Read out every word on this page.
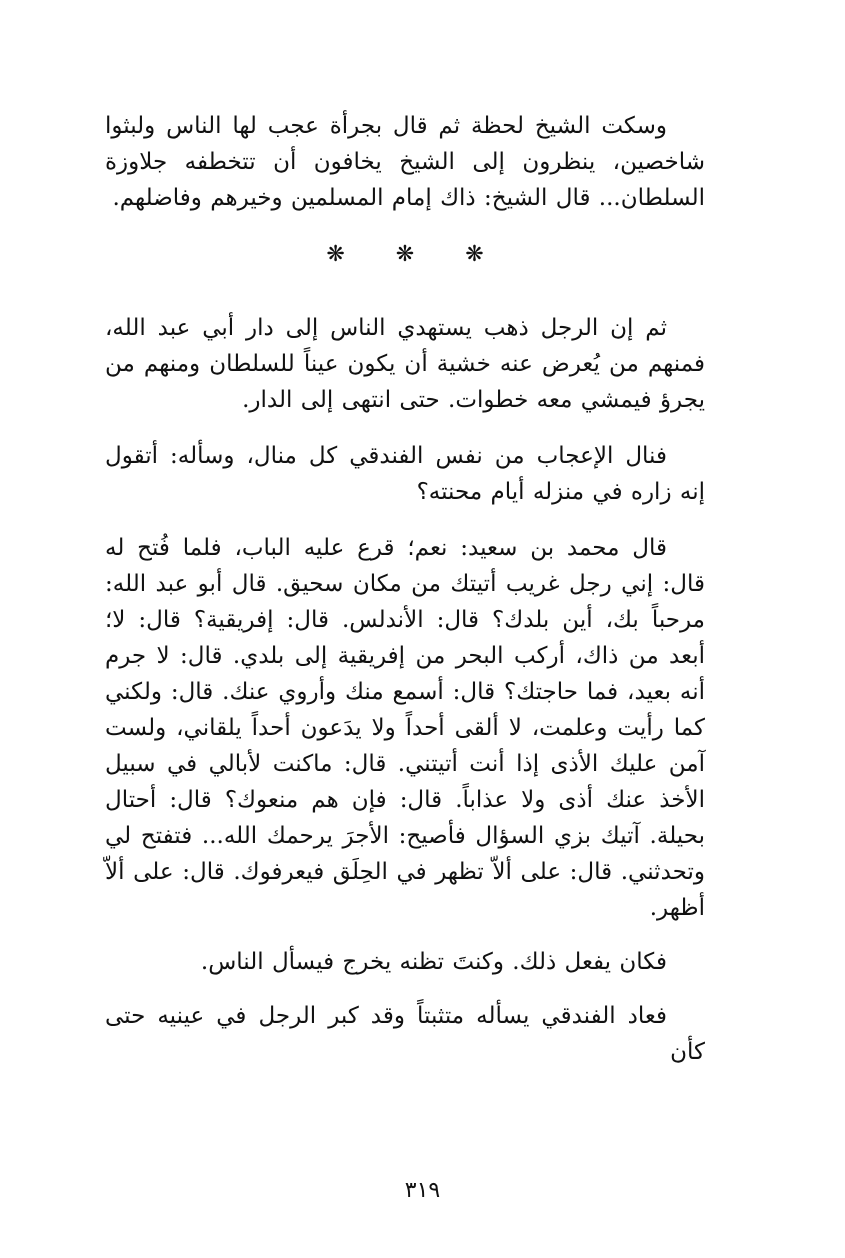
وسكت الشيخ لحظة ثم قال بجرأة عجب لها الناس ولبثوا شاخصين، ينظرون إلى الشيخ يخافون أن تتخطفه جلاوزة السلطان... قال الشيخ: ذاك إمام المسلمين وخيرهم وفاضلهم.

❋ ❋ ❋

ثم إن الرجل ذهب يستهدي الناس إلى دار أبي عبد الله، فمنهم من يُعرض عنه خشية أن يكون عيناً للسلطان ومنهم من يجرؤ فيمشي معه خطوات. حتى انتهى إلى الدار.

فنال الإعجاب من نفس الفندقي كل منال، وسأله: أتقول إنه زاره في منزله أيام محنته؟

قال محمد بن سعيد: نعم؛ قرع عليه الباب، فلما فُتح له قال: إني رجل غريب أتيتك من مكان سحيق. قال أبو عبد الله: مرحباً بك، أين بلدك؟ قال: الأندلس. قال: إفريقية؟ قال: لا؛ أبعد من ذاك، أركب البحر من إفريقية إلى بلدي. قال: لا جرم أنه بعيد، فما حاجتك؟ قال: أسمع منك وأروي عنك. قال: ولكني كما رأيت وعلمت، لا ألقى أحداً ولا يدَعون أحداً يلقاني، ولست آمن عليك الأذى إذا أنت أتيتني. قال: ماكنت لأبالي في سبيل الأخذ عنك أذى ولا عذاباً. قال: فإن هم منعوك؟ قال: أحتال بحيلة. آتيك بزي السؤال فأصيح: الأجرَ يرحمك الله... فتفتح لي وتحدثني. قال: على ألاّ تظهر في الحِلَق فيعرفوك. قال: على ألاّ أظهر.

فكان يفعل ذلك. وكنتَ تظنه يخرج فيسأل الناس.

فعاد الفندقي يسأله متثبتاً وقد كبر الرجل في عينيه حتى كأن

٣١٩
